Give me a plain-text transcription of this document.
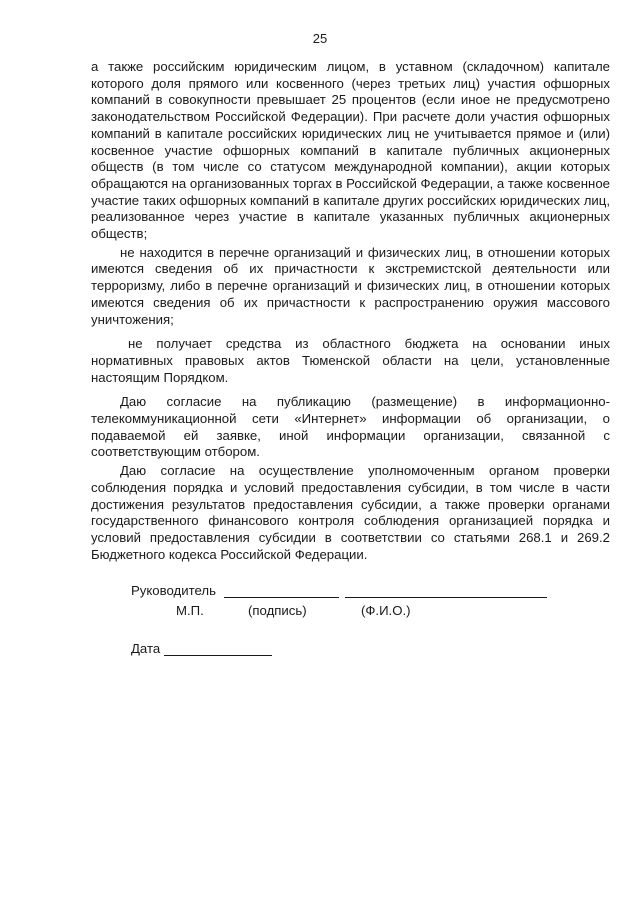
25

а также российским юридическим лицом, в уставном (складочном) капитале которого доля прямого или косвенного (через третьих лиц) участия офшорных компаний в совокупности превышает 25 процентов (если иное не предусмотрено законодательством Российской Федерации). При расчете доли участия офшорных компаний в капитале российских юридических лиц не учитывается прямое и (или) косвенное участие офшорных компаний в капитале публичных акционерных обществ (в том числе со статусом международной компании), акции которых обращаются на организованных торгах в Российской Федерации, а также косвенное участие таких офшорных компаний в капитале других российских юридических лиц, реализованное через участие в капитале указанных публичных акционерных обществ;

не находится в перечне организаций и физических лиц, в отношении которых имеются сведения об их причастности к экстремистской деятельности или терроризму, либо в перечне организаций и физических лиц, в отношении которых имеются сведения об их причастности к распространению оружия массового уничтожения;

не получает средства из областного бюджета на основании иных нормативных правовых актов Тюменской области на цели, установленные настоящим Порядком.

Даю согласие на публикацию (размещение) в информационно-телекоммуникационной сети «Интернет» информации об организации, о подаваемой ей заявке, иной информации организации, связанной с соответствующим отбором.

Даю согласие на осуществление уполномоченным органом проверки соблюдения порядка и условий предоставления субсидии, в том числе в части достижения результатов предоставления субсидии, а также проверки органами государственного финансового контроля соблюдения организацией порядка и условий предоставления субсидии в соответствии со статьями 268.1 и 269.2 Бюджетного кодекса Российской Федерации.

Руководитель
М.П.	(подпись)	(Ф.И.О.)
Дата
